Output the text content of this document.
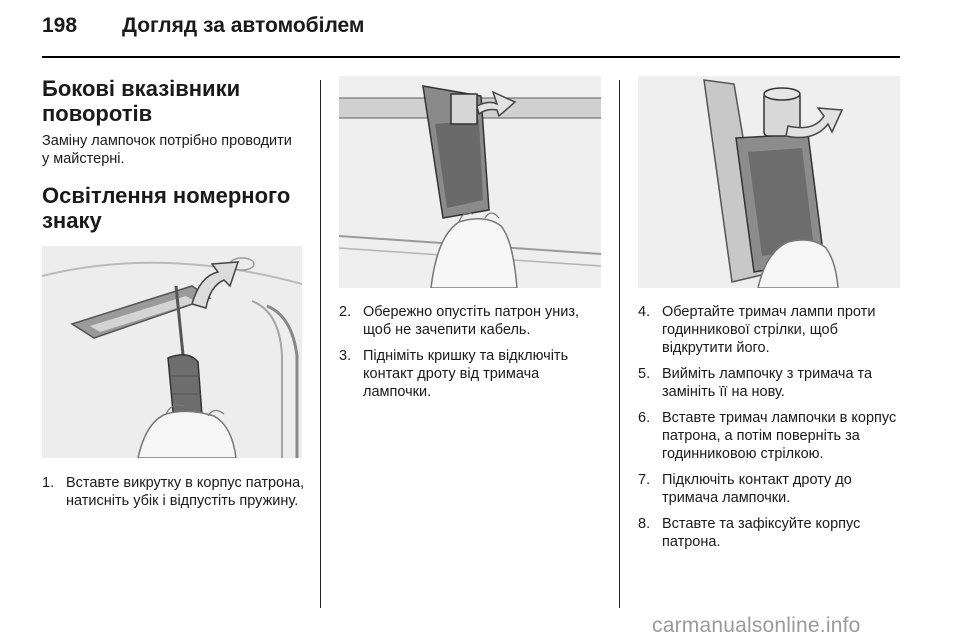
198 Догляд за автомобілем
Бокові вказівники поворотів

Заміну лампочок потрібно проводити у майстерні.

Освітлення номерного знаку
1. Вставте викрутку в корпус патрона, натисніть убік і відпустіть пружину.
2. Обережно опустіть патрон униз, щоб не зачепити кабель.
3. Підніміть кришку та відключіть контакт дроту від тримача лампочки.
4. Обертайте тримач лампи проти годинникової стрілки, щоб відкрутити його.
5. Вийміть лампочку з тримача та замініть її на нову.
6. Вставте тримач лампочки в корпус патрона, а потім поверніть за годинниковою стрілкою.
7. Підключіть контакт дроту до тримача лампочки.
8. Вставте та зафіксуйте корпус патрона.
carmanualsonline.info
